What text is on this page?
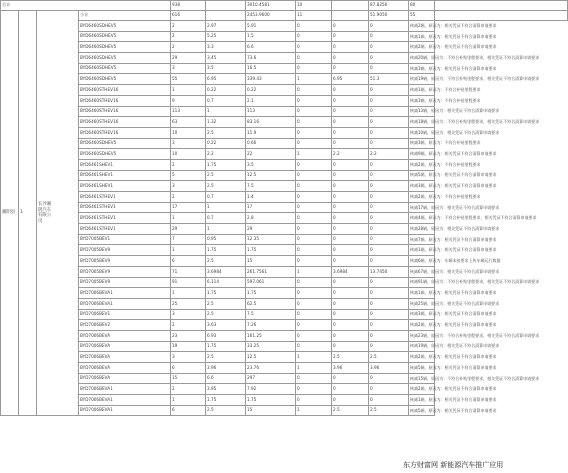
合计				938		3010.4581	10		87.8250	80	
湘阴县	1	长沙湘阴汽车有限公司	小计	616		2453.9600	11		51.9050	55	
			BYD6460SDHEV5	2	2.97	5.91	0	0	0	核减2辆，原因为：相关凭证不符合清算申请要求	
			BYD6460SDHEV5	2	5.25	1.5	0	0	0	核减1辆，原因为：相关凭证不符合清算申请要求	
			BYD6460SDHEV5	2	3.3	6.6	0	0	0	核减2辆，原因为：相关凭证不符合清算申请要求	
			BYD6460SDHEV5	29	3.45	73.6	0	0	0	核减20辆，原因为：不符合补贴里程要求，相关凭证不符合清算申请要求	
			BYD6460SDHEV5	3	3.5	16.5	0	0	0	核减3辆，原因为：相关凭证不符合清算申请要求	
			BYD6460SDHEV5	55	6.95	339.43	1	6.95	51.3	核减19辆，原因为：不符合补贴里程要求，相关凭证不符合清算申请要求	
			BYD6460STHEV16	1	0.22	0.22	0	0	0	核减1辆，原因为：不符合补贴里程要求	
			BYD6460STHEV16	9	0.7	2.1	0	0	0	核减3辆，原因为：不符合补贴里程要求	
			BYD6460STHEV16	113	1	113	0	0	0	核减13辆，原因为：相关凭证不符合清算申请要求	
			BYD6460STHEV16	63	1.32	83.16	0	0	0	核减18辆，原因为：不符合补贴里程要求，相关凭证不符合清算申请要求	
			BYD6460STHEV16	10	2.5	11.9	0	0	0	核减10辆，原因为：相关凭证不符合清算申请要求	
			BYD6460SDHEV5	3	0.22	0.66	0	0	0	核减3辆，原因为：不符合补贴里程要求	
			BYD6460SDHEV5	10	2.2	22	1	2.2	2.2	核减9辆，原因为：相关凭证不符合清算申请要求	
			BYD6461SHEV1	2	1.75	3.5	0	0	0	核减2辆，原因为：不符合补贴里程要求	
			BYD6461SHEV1	5	2.5	12.5	0	0	0	核减5辆，原因为：相关凭证不符合清算申请要求	
			BYD6461SHEV1	3	2.5	7.5	0	0	0	核减3辆，原因为：相关凭证不符合清算申请要求	
			BYD6461STHEV1	2	0.7	1.4	0	0	0	核减2辆，原因为：不符合补贴里程要求	
			BYD6461STHEV1	17	1	17	0	0	0	核减17辆，原因为：相关凭证不符合清算申请要求	
			BYD6461STHEV1	1	0.7	2.8	0	0	0	核减4辆，原因为：不符合补贴里程要求，相关凭证不符合清算申请要求	
			BYD6461STHEV1	29	1	29	0	0	0	核减28辆，原因为：相关凭证不符合清算申请要求	
			BYD7005BEV1	7	0.95	12.35	0	0	0	核减7辆，原因为：相关凭证不符合清算申请要求	
			BYD7005BEV9	1	1.75	1.75	0	0	0	核减1辆，原因为：相关凭证不符合清算申请要求	
			BYD7005BEV9	6	2.5	15	0	0	0	核减6辆，原因为：车辆未按要求上传车辆运行数据	
			BYD7005BEV9	71	3.6984	261.7561	1	3.6984	13.7450	核减67辆，原因为：相关凭证不符合清算申请要求	
			BYD7005BEV9	91	6.114	597.061	0	0	0	核减91辆，原因为：不符合补贴里程要求，相关凭证不符合清算申请要求	
			BYD7006BEVA1	1	1.75	1.75	0	0	0	核减1辆，原因为：相关凭证不符合清算申请要求	
			BYD7006BEVA1	25	2.5	62.5	0	0	0	核减25辆，原因为：相关凭证不符合清算申请要求	
			BYD7006BEV1	3	2.5	7.5	0	0	0	核减3辆，原因为：相关凭证不符合清算申请要求	
			BYD7006BEV2	2	3.63	7.26	0	0	0	核减2辆，原因为：相关凭证不符合清算申请要求	
			BYD7006BEVA	23	6.93	161.25	0	0	0	核减23辆，原因为：不符合补贴里程要求，相关凭证不符合清算申请要求	
			BYD7006BEVA	19	1.75	33.25	0	0	0	核减19辆，原因为：相关凭证不符合清算申请要求	
			BYD7006BEVA	3	2.5	12.5	1	2.5	2.5	核减2辆，原因为：相关凭证不符合清算申请要求	
			BYD7006BEVA	6	3.96	23.76	1	3.96	3.96	核减5辆，原因为：相关凭证不符合清算申请要求	
			BYD7006BEVA	15	6.6	297	0	0	0	核减15辆，原因为：不符合补贴里程要求，相关凭证不符合清算申请要求	
			BYD7006BEVA1	2	3.95	7.92	0	0	0	核减2辆，原因为：相关凭证不符合清算申请要求	
			BYD7006BEVA1	1	1.75	1.75	0	0	0	核减1辆，原因为：相关凭证不符合清算申请要求	
			BYD7006BEVA1	6	2.5	15	1	2.5	2.5	核减5辆，原因为：相关凭证不符合清算申请要求	
东方财富网 新能源汽车推广应用
